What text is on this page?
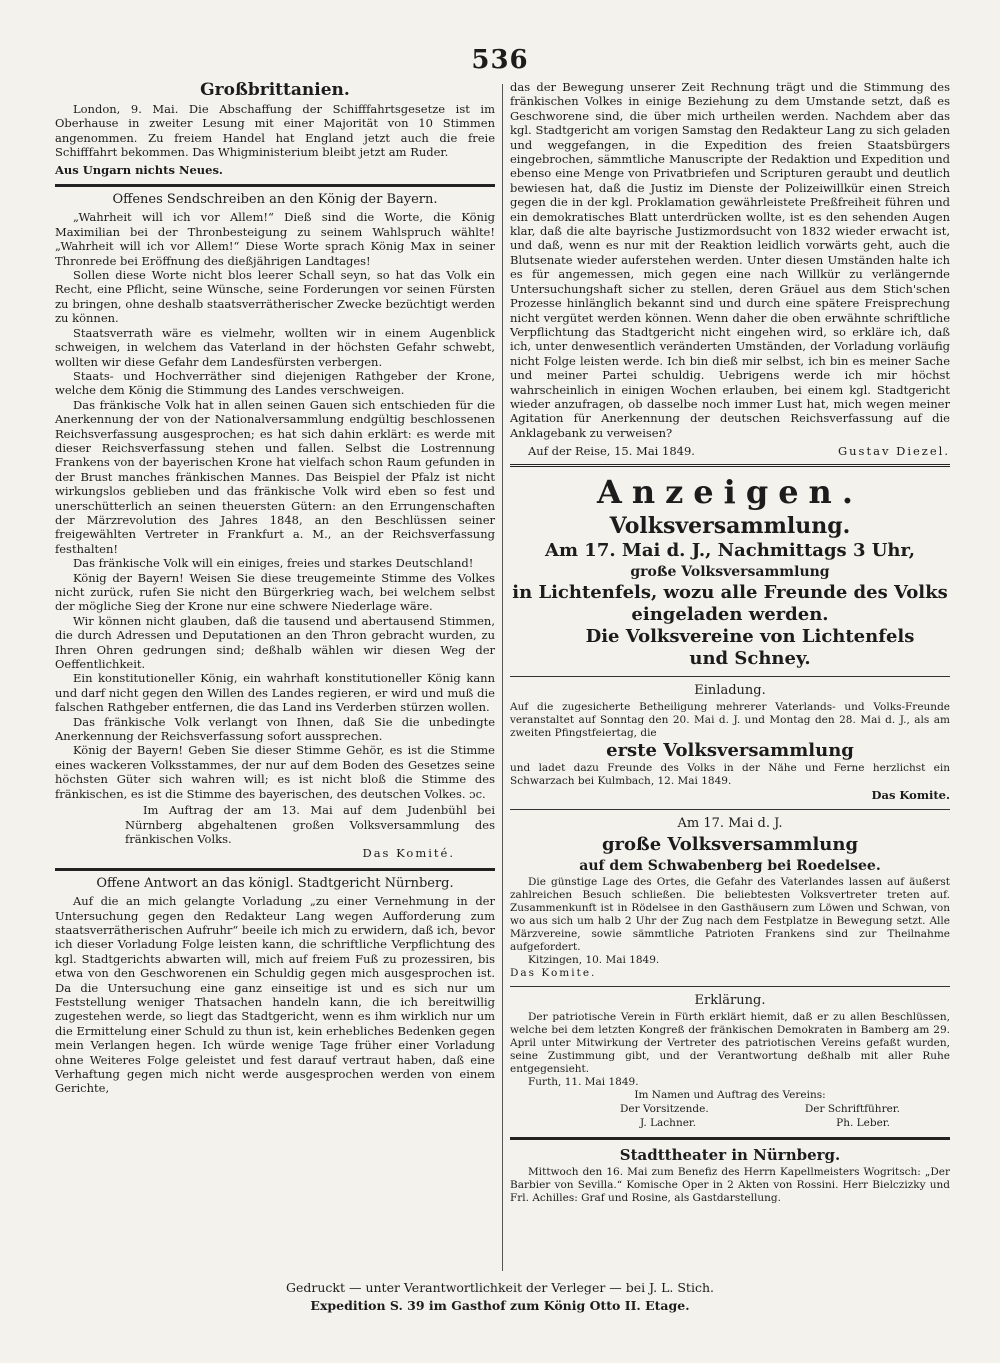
536
Großbrittanien.

London, 9. Mai. Die Abschaffung der Schifffahrtsgesetze ist im Oberhause in zweiter Lesung mit einer Majorität von 10 Stimmen angenommen. Zu freiem Handel hat England jetzt auch die freie Schifffahrt bekommen. Das Whigministerium bleibt jetzt am Ruder.

Aus Ungarn nichts Neues.

Offenes Sendschreiben an den König der Bayern.

„Wahrheit will ich vor Allem!“ Dieß sind die Worte, die König Maximilian bei der Thronbesteigung zu seinem Wahlspruch wählte! „Wahrheit will ich vor Allem!“ Diese Worte sprach König Max in seiner Thronrede bei Eröffnung des dießjährigen Landtages!

Sollen diese Worte nicht blos leerer Schall seyn, so hat das Volk ein Recht, eine Pflicht, seine Wünsche, seine Forderungen vor seinen Fürsten zu bringen, ohne deshalb staatsverrätherischer Zwecke bezüchtigt werden zu können.

Staatsverrath wäre es vielmehr, wollten wir in einem Augenblick schweigen, in welchem das Vaterland in der höchsten Gefahr schwebt, wollten wir diese Gefahr dem Landesfürsten verbergen.

Staats- und Hochverräther sind diejenigen Rathgeber der Krone, welche dem König die Stimmung des Landes verschweigen.

Das fränkische Volk hat in allen seinen Gauen sich entschieden für die Anerkennung der von der Nationalversammlung endgültig beschlossenen Reichsverfassung ausgesprochen; es hat sich dahin erklärt: es werde mit dieser Reichsverfassung stehen und fallen. Selbst die Lostrennung Frankens von der bayerischen Krone hat vielfach schon Raum gefunden in der Brust manches fränkischen Mannes. Das Beispiel der Pfalz ist nicht wirkungslos geblieben und das fränkische Volk wird eben so fest und unerschütterlich an seinen theuersten Gütern: an den Errungenschaften der Märzrevolution des Jahres 1848, an den Beschlüssen seiner freigewählten Vertreter in Frankfurt a. M., an der Reichsverfassung festhalten!

Das fränkische Volk will ein einiges, freies und starkes Deutschland!

König der Bayern! Weisen Sie diese treugemeinte Stimme des Volkes nicht zurück, rufen Sie nicht den Bürgerkrieg wach, bei welchem selbst der mögliche Sieg der Krone nur eine schwere Niederlage wäre.

Wir können nicht glauben, daß die tausend und abertausend Stimmen, die durch Adressen und Deputationen an den Thron gebracht wurden, zu Ihren Ohren gedrungen sind; deßhalb wählen wir diesen Weg der Oeffentlichkeit.

Ein konstitutioneller König, ein wahrhaft konstitutioneller König kann und darf nicht gegen den Willen des Landes regieren, er wird und muß die falschen Rathgeber entfernen, die das Land ins Verderben stürzen wollen.

Das fränkische Volk verlangt von Ihnen, daß Sie die unbedingte Anerkennung der Reichsverfassung sofort aussprechen.

König der Bayern! Geben Sie dieser Stimme Gehör, es ist die Stimme eines wackeren Volksstammes, der nur auf dem Boden des Gesetzes seine höchsten Güter sich wahren will; es ist nicht bloß die Stimme des fränkischen, es ist die Stimme des bayerischen, des deutschen Volkes. ɔc.

Im Auftrag der am 13. Mai auf dem Judenbühl bei Nürnberg abgehaltenen großen Volksversammlung des fränkischen Volks.

Das Komité.

Offene Antwort an das königl. Stadtgericht Nürnberg.

Auf die an mich gelangte Vorladung „zu einer Vernehmung in der Untersuchung gegen den Redakteur Lang wegen Aufforderung zum staatsverrätherischen Aufruhr“ beeile ich mich zu erwidern, daß ich, bevor ich dieser Vorladung Folge leisten kann, die schriftliche Verpflichtung des kgl. Stadtgerichts abwarten will, mich auf freiem Fuß zu prozessiren, bis etwa von den Geschworenen ein Schuldig gegen mich ausgesprochen ist. Da die Untersuchung eine ganz einseitige ist und es sich nur um Feststellung weniger Thatsachen handeln kann, die ich bereitwillig zugestehen werde, so liegt das Stadtgericht, wenn es ihm wirklich nur um die Ermittelung einer Schuld zu thun ist, kein erhebliches Bedenken gegen mein Verlangen hegen. Ich würde wenige Tage früher einer Vorladung ohne Weiteres Folge geleistet und fest darauf vertraut haben, daß eine Verhaftung gegen mich nicht werde ausgesprochen werden von einem Gerichte,

das der Bewegung unserer Zeit Rechnung trägt und die Stimmung des fränkischen Volkes in einige Beziehung zu dem Umstande setzt, daß es Geschworene sind, die über mich urtheilen werden. Nachdem aber das kgl. Stadtgericht am vorigen Samstag den Redakteur Lang zu sich geladen und weggefangen, in die Expedition des freien Staatsbürgers eingebrochen, sämmtliche Manuscripte der Redaktion und Expedition und ebenso eine Menge von Privatbriefen und Scripturen geraubt und deutlich bewiesen hat, daß die Justiz im Dienste der Polizeiwillkür einen Streich gegen die in der kgl. Proklamation gewährleistete Preßfreiheit führen und ein demokratisches Blatt unterdrücken wollte, ist es den sehenden Augen klar, daß die alte bayrische Justizmordsucht von 1832 wieder erwacht ist, und daß, wenn es nur mit der Reaktion leidlich vorwärts geht, auch die Blutsenate wieder auferstehen werden. Unter diesen Umständen halte ich es für angemessen, mich gegen eine nach Willkür zu verlängernde Untersuchungshaft sicher zu stellen, deren Gräuel aus dem Stich'schen Prozesse hinlänglich bekannt sind und durch eine spätere Freisprechung nicht vergütet werden können. Wenn daher die oben erwähnte schriftliche Verpflichtung das Stadtgericht nicht eingehen wird, so erkläre ich, daß ich, unter denwesentlich veränderten Umständen, der Vorladung vorläufig nicht Folge leisten werde. Ich bin dieß mir selbst, ich bin es meiner Sache und meiner Partei schuldig. Uebrigens werde ich mir höchst wahrscheinlich in einigen Wochen erlauben, bei einem kgl. Stadtgericht wieder anzufragen, ob dasselbe noch immer Lust hat, mich wegen meiner Agitation für Anerkennung der deutschen Reichsverfassung auf die Anklagebank zu verweisen?

Auf der Reise, 15. Mai 1849.	Gustav Diezel.
Anzeigen.
Volksversammlung.
Am 17. Mai d. J., Nachmittags 3 Uhr,
große Volksversammlung
in Lichtenfels, wozu alle Freunde des Volks eingeladen werden.
Die Volksvereine von Lichtenfels und Schney.
Einladung.

Auf die zugesicherte Betheiligung mehrerer Vaterlands- und Volks-Freunde veranstaltet auf Sonntag den 20. Mai d. J. und Montag den 28. Mai d. J., als am zweiten Pfingstfeiertag, die

erste Volksversammlung

und ladet dazu Freunde des Volks in der Nähe und Ferne herzlichst ein Schwarzach bei Kulmbach, 12. Mai 1849.

Das Komite.

Am 17. Mai d. J.
große Volksversammlung
auf dem Schwabenberg bei Roedelsee.

Die günstige Lage des Ortes, die Gefahr des Vaterlandes lassen auf äußerst zahlreichen Besuch schließen. Die beliebtesten Volksvertreter treten auf. Zusammenkunft ist in Rödelsee in den Gasthäusern zum Löwen und Schwan, von wo aus sich um halb 2 Uhr der Zug nach dem Festplatze in Bewegung setzt. Alle Märzvereine, sowie sämmtliche Patrioten Frankens sind zur Theilnahme aufgefordert.

Kitzingen, 10. Mai 1849.

Das Komite.

Erklärung.

Der patriotische Verein in Fürth erklärt hiemit, daß er zu allen Beschlüssen, welche bei dem letzten Kongreß der fränkischen Demokraten in Bamberg am 29. April unter Mitwirkung der Vertreter des patriotischen Vereins gefaßt wurden, seine Zustimmung gibt, und der Verantwortung deßhalb mit aller Ruhe entgegensieht.

Furth, 11. Mai 1849.

Im Namen und Auftrag des Vereins:

Der Vorsitzende.	Der Schriftführer.
J. Lachner.	Ph. Leber.
Stadttheater in Nürnberg.

Mittwoch den 16. Mai zum Benefiz des Herrn Kapellmeisters Wogritsch: „Der Barbier von Sevilla.“ Komische Oper in 2 Akten von Rossini. Herr Bielczizky und Frl. Achilles: Graf und Rosine, als Gastdarstellung.

Gedruckt — unter Verantwortlichkeit der Verleger — bei J. L. Stich.
Expedition S. 39 im Gasthof zum König Otto II. Etage.
